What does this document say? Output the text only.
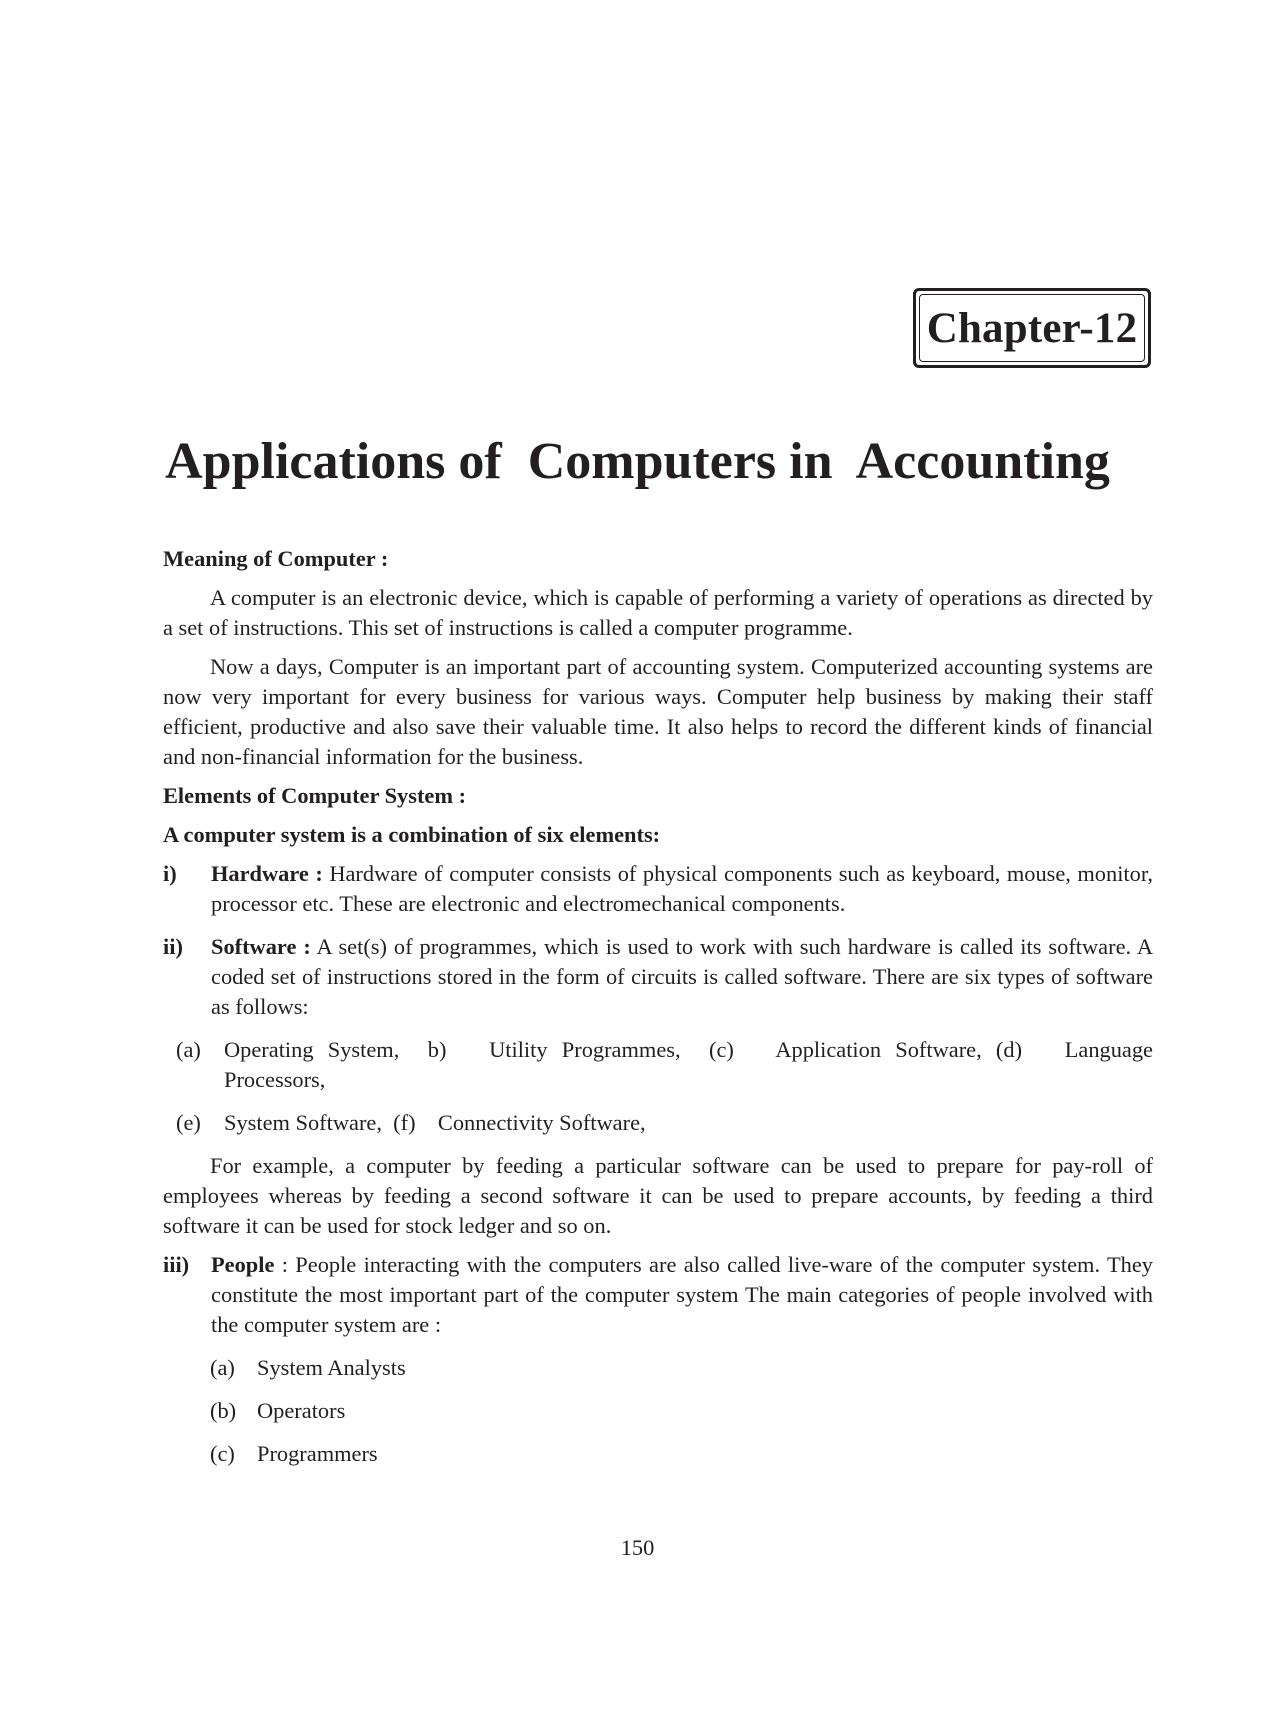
Chapter-12
Applications of  Computers in  Accounting
Meaning of Computer :

A computer is an electronic device, which is capable of performing a variety of operations as directed by a set of instructions. This set of instructions is called a computer programme.

Now a days, Computer is an important part of accounting system. Computerized accounting systems are now very important for every business for various ways. Computer help business by making their staff efficient, productive and also save their valuable time. It also helps to record the different kinds of financial and non-financial information for the business.

Elements of Computer System :
A computer system is a combination of six elements:
i) Hardware : Hardware of computer consists of physical components such as keyboard, mouse, monitor, processor etc. These are electronic and electromechanical components.
ii) Software : A set(s) of programmes, which is used to work with such hardware is called its software. A coded set of instructions stored in the form of circuits is called software. There are six types of software as follows:
(a) Operating System,  b)   Utility Programmes,  (c)   Application Software, (d)   Language
Processors,
(e) System Software,  (f)    Connectivity Software,

For example, a computer by feeding a particular software can be used to prepare for pay-roll of employees whereas by feeding a second software it can be used to prepare accounts, by feeding a third software it can be used for stock ledger and so on.

iii) People : People interacting with the computers are also called live-ware of the computer system. They constitute the most important part of the computer system The main categories of people involved with the computer system are :
(a) System Analysts
(b) Operators
(c) Programmers
150
